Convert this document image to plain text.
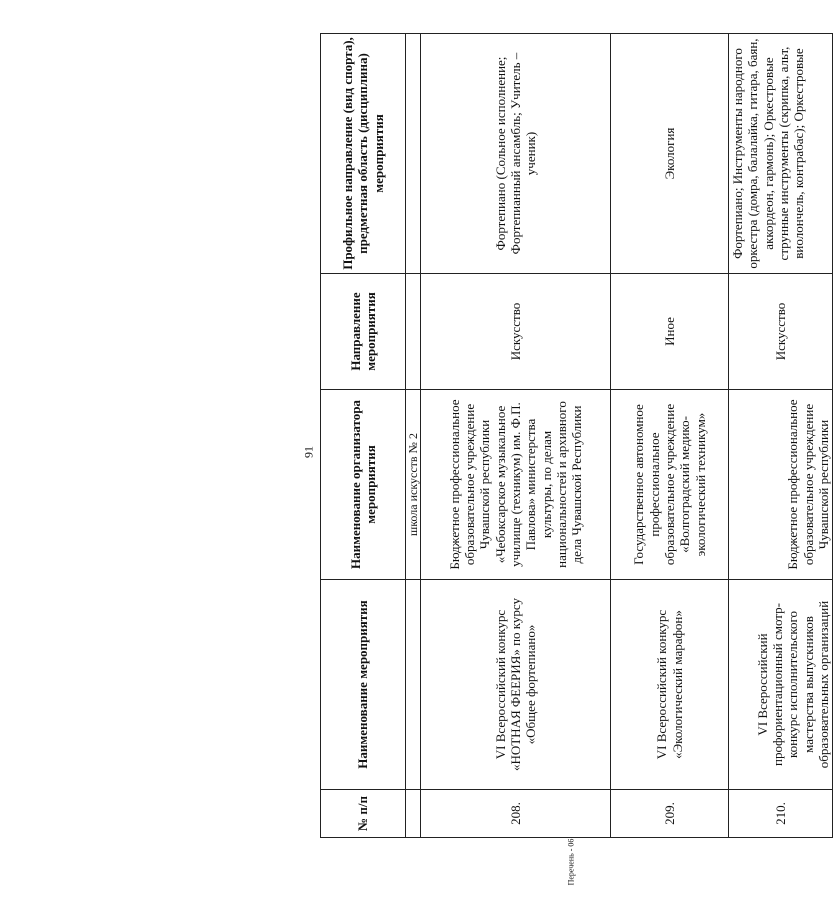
91
№ п/п	Наименование мероприятия	Наименование организатора мероприятия	Направление мероприятия	Профильное направление (вид спорта), предметная область (дисциплина) мероприятия
		школа искусств № 2		
208.	VI Всероссийский конкурс «НОТНАЯ ФЕЕРИЯ» по курсу «Общее фортепиано»	Бюджетное профессиональное образовательное учреждение Чувашской республики «Чебоксарское музыкальное училище (техникум) им. Ф.П. Павлова» министерства культуры, по делам национальностей и архивного дела Чувашской Республики	Искусство	Фортепиано (Сольное исполнение; Фортепианный ансамбль; Учитель – ученик)
209.	VI Всероссийский конкурс «Экологический марафон»	Государственное автономное профессиональное образовательное учреждение «Волгоградский медико-экологический техникум»	Иное	Экология
210.	VI Всероссийский профориентационный смотр-конкурс исполнительского мастерства выпускников образовательных организаций	Бюджетное профессиональное образовательное учреждение Чувашской республики	Искусство	Фортепиано; Инструменты народного оркестра (домра, балалайка, гитара, баян, аккордеон, гармонь); Оркестровые струнные инструменты (скрипка, альт, виолончель, контрабас); Оркестровые
Перечень - 06
